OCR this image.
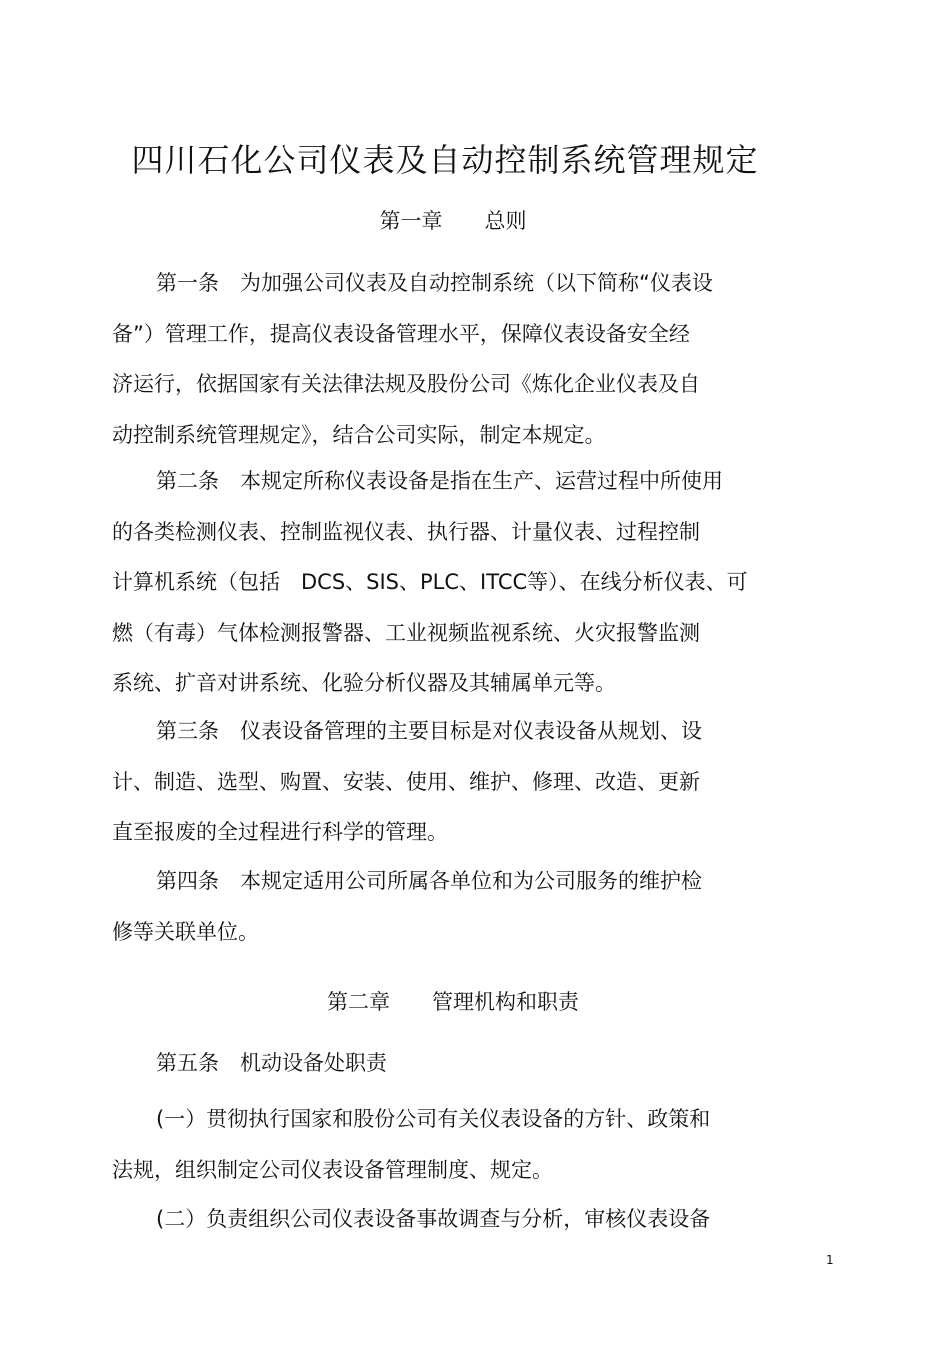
四川石化公司仪表及自动控制系统管理规定
第一章 总则
第一条　为加强公司仪表及自动控制系统（以下简称“仪表设
备”）管理工作，提高仪表设备管理水平，保障仪表设备安全经
济运行，依据国家有关法律法规及股份公司《炼化企业仪表及自
动控制系统管理规定》，结合公司实际，制定本规定。
第二条　本规定所称仪表设备是指在生产、运营过程中所使用
的各类检测仪表、控制监视仪表、执行器、计量仪表、过程控制
计算机系统（包括　DCS、SIS、PLC、ITCC等）、在线分析仪表、可
燃（有毒）气体检测报警器、工业视频监视系统、火灾报警监测
系统、扩音对讲系统、化验分析仪器及其辅属单元等。
第三条　仪表设备管理的主要目标是对仪表设备从规划、设
计、制造、选型、购置、安装、使用、维护、修理、改造、更新
直至报废的全过程进行科学的管理。
第四条　本规定适用公司所属各单位和为公司服务的维护检
修等关联单位。
第二章 管理机构和职责
第五条　机动设备处职责
(一）贯彻执行国家和股份公司有关仪表设备的方针、政策和
法规，组织制定公司仪表设备管理制度、规定。
(二）负责组织公司仪表设备事故调查与分析，审核仪表设备
1
